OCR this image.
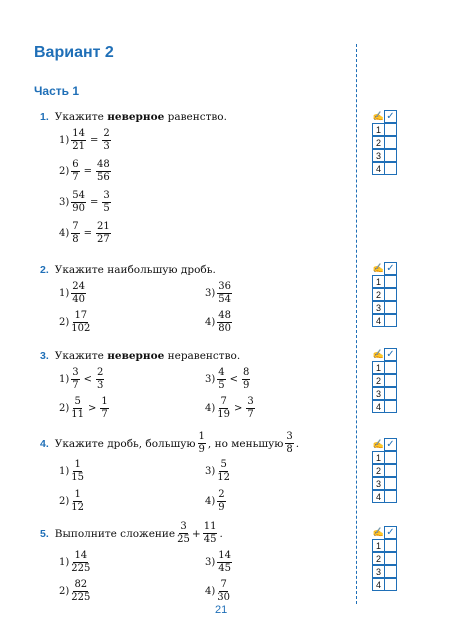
Вариант 2
Часть 1
1. Укажите неверное равенство.
$1) \frac{14}{21} = \frac{2}{3}$
$2) \frac{6}{7} = \frac{48}{56}$
$3) \frac{54}{90} = \frac{3}{5}$
$4) \frac{7}{8} = \frac{21}{27}$
2. Укажите наибольшую дробь.
$1) \frac{24}{40}$
$2) \frac{17}{102}$
$3) \frac{36}{54}$
$4) \frac{48}{80}$
3. Укажите неверное неравенство.
$1) \frac{3}{7} < \frac{2}{3}$
$2) \frac{5}{11} > \frac{1}{7}$
$3) \frac{4}{5} < \frac{8}{9}$
$4) \frac{7}{19} > \frac{3}{7}$
4. Укажите дробь, большую $\frac{1}{9}$ , но меньшую $\frac{3}{8}$ .
$1) \frac{1}{15}$
$2) \frac{1}{12}$
$3) \frac{5}{12}$
$4) \frac{2}{9}$
5. Выполните сложение $\frac{3}{25} + \frac{11}{45}$ .
$1) \frac{14}{225}$
$2) \frac{82}{225}$
$3) \frac{14}{45}$
$4) \frac{7}{30}$
✍ ✓
1
2
3
4
✍ ✓
1
2
3
4
✍ ✓
1
2
3
4
✍ ✓
1
2
3
4
✍ ✓
1
2
3
4
21
